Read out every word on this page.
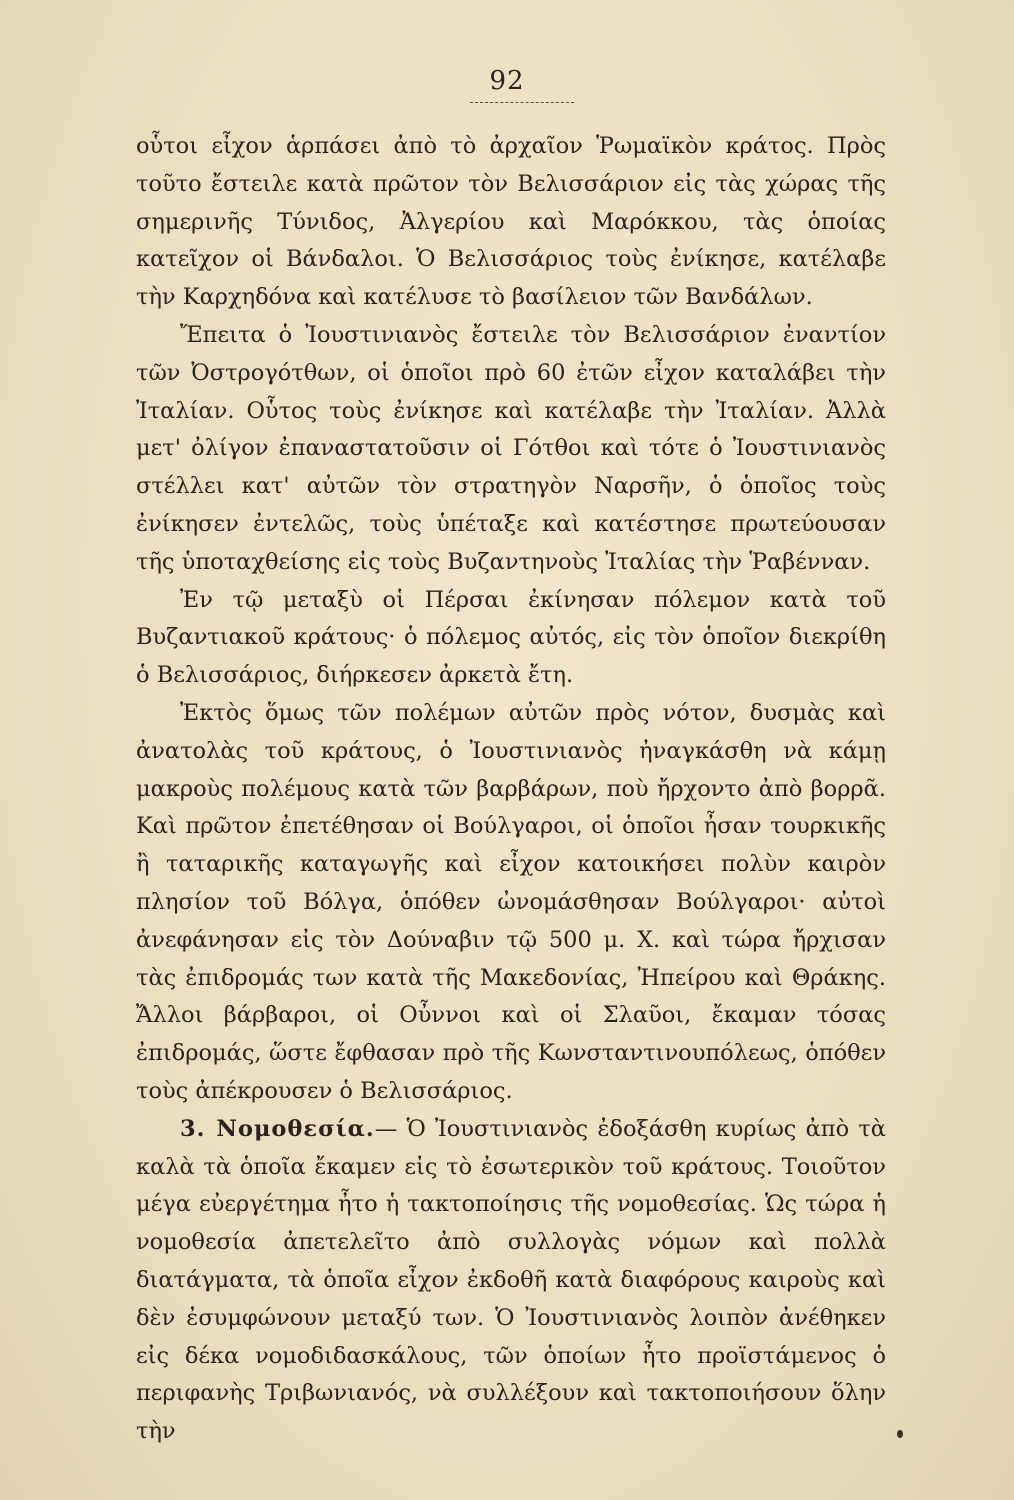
92

οὗτοι εἶχον ἁρπάσει ἀπὸ τὸ ἀρχαῖον Ῥωμαϊκὸν κράτος. Πρὸς τοῦτο ἔστειλε κατὰ πρῶτον τὸν Βελισσάριον εἰς τὰς χώρας τῆς σημερινῆς Τύνιδος, Ἀλγερίου καὶ Μαρόκκου, τὰς ὁποίας κατεῖχον οἱ Βάνδαλοι. Ὁ Βελισσάριος τοὺς ἐνίκησε, κατέλαβε τὴν Καρχηδόνα καὶ κατέλυσε τὸ βασίλειον τῶν Βανδάλων.

Ἔπειτα ὁ Ἰουστινιανὸς ἔστειλε τὸν Βελισσάριον ἐναντίον τῶν Ὀστρογότθων, οἱ ὁποῖοι πρὸ 60 ἐτῶν εἶχον καταλάβει τὴν Ἰταλίαν. Οὗτος τοὺς ἐνίκησε καὶ κατέλαβε τὴν Ἰταλίαν. Ἀλλὰ μετ' ὀλίγον ἐπαναστατοῦσιν οἱ Γότθοι καὶ τότε ὁ Ἰουστινιανὸς στέλλει κατ' αὐτῶν τὸν στρατηγὸν Ναρσῆν, ὁ ὁποῖος τοὺς ἐνίκησεν ἐντελῶς, τοὺς ὑπέταξε καὶ κατέστησε πρωτεύουσαν τῆς ὑποταχθείσης εἰς τοὺς Βυζαντηνοὺς Ἰταλίας τὴν Ῥαβένναν.

Ἐν τῷ μεταξὺ οἱ Πέρσαι ἐκίνησαν πόλεμον κατὰ τοῦ Βυζαντιακοῦ κράτους· ὁ πόλεμος αὐτός, εἰς τὸν ὁποῖον διεκρίθη ὁ Βελισσάριος, διήρκεσεν ἀρκετὰ ἔτη.

Ἐκτὸς ὅμως τῶν πολέμων αὐτῶν πρὸς νότον, δυσμὰς καὶ ἀνατολὰς τοῦ κράτους, ὁ Ἰουστινιανὸς ἠναγκάσθη νὰ κάμῃ μακροὺς πολέμους κατὰ τῶν βαρβάρων, ποὺ ἤρχοντο ἀπὸ βορρᾶ. Καὶ πρῶτον ἐπετέθησαν οἱ Βούλγαροι, οἱ ὁποῖοι ἦσαν τουρκικῆς ἢ ταταρικῆς καταγωγῆς καὶ εἶχον κατοικήσει πολὺν καιρὸν πλησίον τοῦ Βόλγα, ὁπόθεν ὠνομάσθησαν Βούλγαροι· αὐτοὶ ἀνεφάνησαν εἰς τὸν Δούναβιν τῷ 500 μ. Χ. καὶ τώρα ἤρχισαν τὰς ἐπιδρομάς των κατὰ τῆς Μακεδονίας, Ἠπείρου καὶ Θράκης. Ἄλλοι βάρβαροι, οἱ Οὖννοι καὶ οἱ Σλαῦοι, ἔκαμαν τόσας ἐπιδρομάς, ὥστε ἔφθασαν πρὸ τῆς Κωνσταντινουπόλεως, ὁπόθεν τοὺς ἀπέκρουσεν ὁ Βελισσάριος.

3. Νομοθεσία.— Ὁ Ἰουστινιανὸς ἐδοξάσθη κυρίως ἀπὸ τὰ καλὰ τὰ ὁποῖα ἔκαμεν εἰς τὸ ἐσωτερικὸν τοῦ κράτους. Τοιοῦτον μέγα εὐεργέτημα ἦτο ἡ τακτοποίησις τῆς νομοθεσίας. Ὡς τώρα ἡ νομοθεσία ἀπετελεῖτο ἀπὸ συλλογὰς νόμων καὶ πολλὰ διατάγματα, τὰ ὁποῖα εἶχον ἐκδοθῆ κατὰ διαφόρους καιροὺς καὶ δὲν ἐσυμφώνουν μεταξύ των. Ὁ Ἰουστινιανὸς λοιπὸν ἀνέθηκεν εἰς δέκα νομοδιδασκάλους, τῶν ὁποίων ἦτο προϊστάμενος ὁ περιφανὴς Τριβωνιανός, νὰ συλλέξουν καὶ τακτοποιήσουν ὅλην τὴν
